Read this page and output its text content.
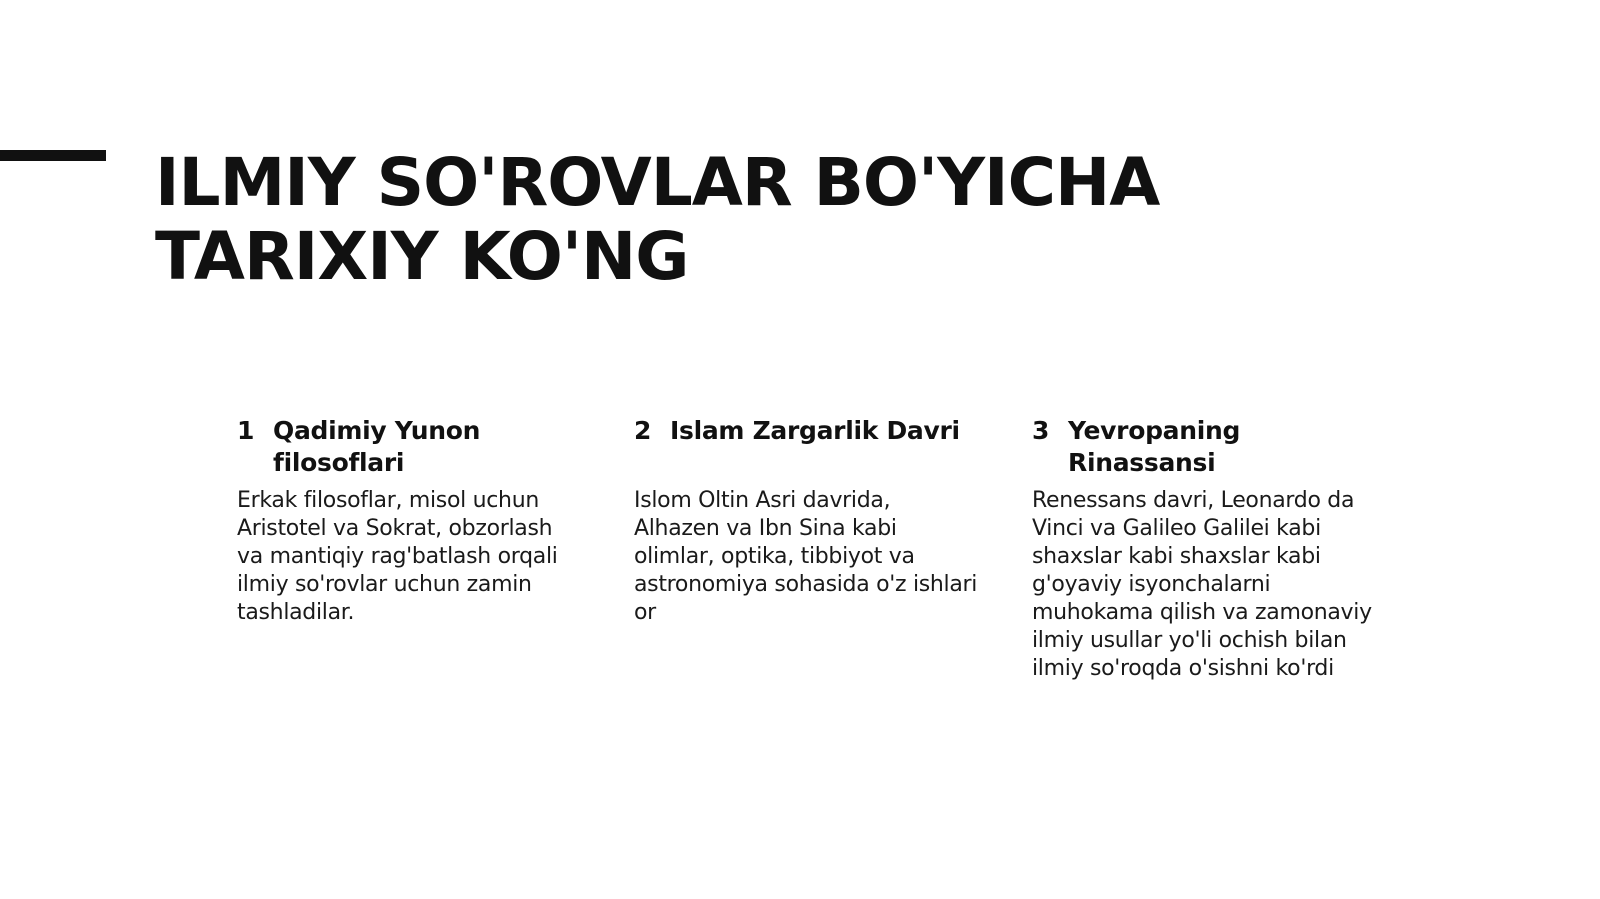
ILMIY SO'ROVLAR BO'YICHA
TARIXIY KO'NG
1 Qadimiy Yunon filosoflari

Erkak filosoflar, misol uchun Aristotel va Sokrat, obzorlash va mantiqiy rag'batlash orqali ilmiy so'rovlar uchun zamin tashladilar.

2 Islam Zargarlik Davri

Islom Oltin Asri davrida, Alhazen va Ibn Sina kabi olimlar, optika, tibbiyot va astronomiya sohasida o'z ishlari or

3 Yevropaning Rinassansi

Renessans davri, Leonardo da Vinci va Galileo Galilei kabi shaxslar kabi shaxslar kabi g'oyaviy isyonchalarni muhokama qilish va zamonaviy ilmiy usullar yo'li ochish bilan ilmiy so'roqda o'sishni ko'rdi
